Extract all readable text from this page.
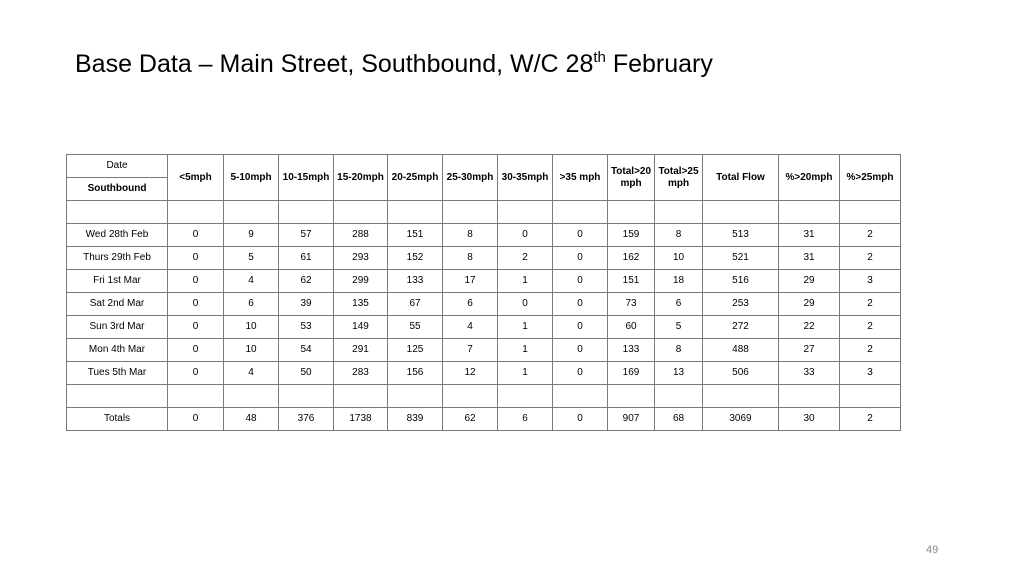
Base Data – Main Street, Southbound, W/C 28th February
Date	<5mph	5-10mph	10-15mph	15-20mph	20-25mph	25-30mph	30-35mph	>35 mph	Total>20 mph	Total>25 mph	Total Flow	%>20mph	%>25mph
Southbound													

Wed 28th Feb	0	9	57	288	151	8	0	0	159	8	513	31	2
Thurs 29th Feb	0	5	61	293	152	8	2	0	162	10	521	31	2
Fri 1st Mar	0	4	62	299	133	17	1	0	151	18	516	29	3
Sat 2nd Mar	0	6	39	135	67	6	0	0	73	6	253	29	2
Sun 3rd Mar	0	10	53	149	55	4	1	0	60	5	272	22	2
Mon 4th Mar	0	10	54	291	125	7	1	0	133	8	488	27	2
Tues 5th Mar	0	4	50	283	156	12	1	0	169	13	506	33	3

Totals	0	48	376	1738	839	62	6	0	907	68	3069	30	2
49
